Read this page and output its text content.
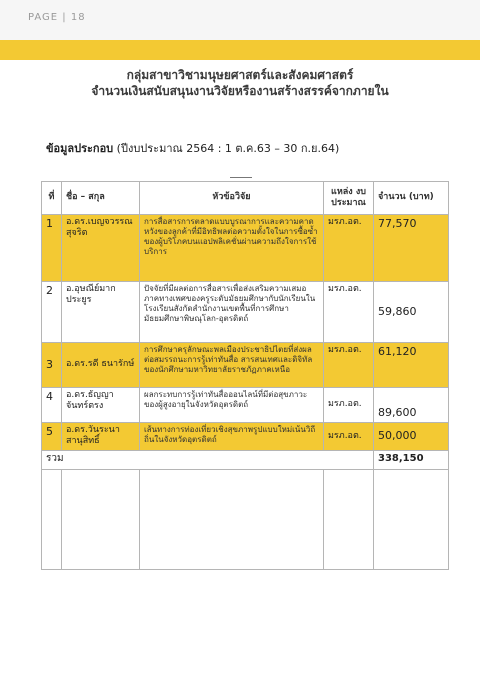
PAGE | 18
กลุ่มสาขาวิชามนุษยศาสตร์และสังคมศาสตร์
จำนวนเงินสนับสนุนงานวิจัยหรืองานสร้างสรรค์จากภายใน
ข้อมูลประกอบ (ปีงบประมาณ 2564 : 1 ต.ค.63 – 30 ก.ย.64)
ที่	ชื่อ – สกุล	หัวข้อวิจัย	แหล่ง งบประมาณ	จำนวน (บาท)
1	อ.ดร.เบญจวรรณ สุจริต	การสื่อสารการตลาดแบบบูรณาการและความคาดหวังของลูกค้าที่มีอิทธิพลต่อความตั้งใจในการซื้อซ้ำของผู้บริโภคบนแอปพลิเคชั่นผ่านความถึงใจการใช้บริการ	มรภ.อต.	77,570
2	อ.อุษณีย์มากประยูร	ปัจจัยที่มีผลต่อการสื่อสารเพื่อส่งเสริมความเสมอภาคทางเพศของครูระดับมัธยมศึกษากับนักเรียนในโรงเรียนสังกัดสำนักงานเขตพื้นที่การศึกษามัธยมศึกษาพิษณุโลก-อุตรดิตถ์	มรภ.อต.	59,860
3	อ.ดร.รดี ธนารักษ์	การศึกษาครุลักษณะพลเมืองประชาธิปไตยที่ส่งผลต่อสมรรถนะการรู้เท่าทันสื่อ สารสนเทศและดิจิทัลของนักศึกษามหาวิทยาลัยราชภัฏภาคเหนือ	มรภ.อต.	61,120
4	อ.ดร.ธัญญา จันทร์ตรง	ผลกระทบการรู้เท่าทันสื่อออนไลน์ที่มีต่อสุขภาวะของผู้สูงอายุในจังหวัดอุตรดิตถ์	มรภ.อต.	89,600
5	อ.ดร.วันระนา สานุสิทธิ์	เส้นทางการท่องเที่ยวเชิงสุขภาพรูปแบบใหม่เน้นวิถีถิ่นในจังหวัดอุตรดิตถ์	มรภ.อต.	50,000
รวม				338,150
